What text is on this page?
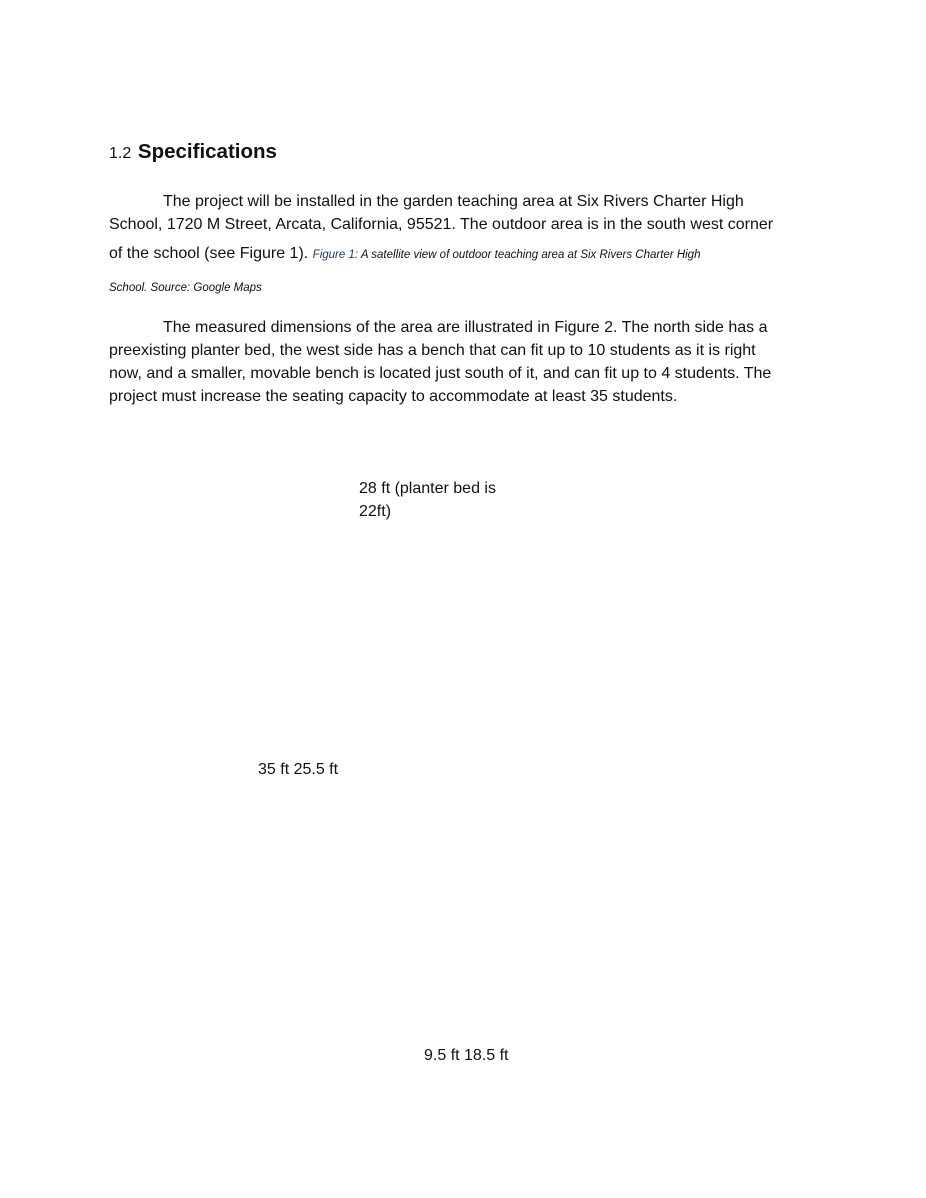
1.2 Specifications
The project will be installed in the garden teaching area at Six Rivers Charter High
School, 1720 M Street, Arcata, California, 95521. The outdoor area is in the south west corner
of the school (see Figure 1). Figure 1: A satellite view of outdoor teaching area at Six Rivers Charter High
School. Source: Google Maps
The measured dimensions of the area are illustrated in Figure 2. The north side has a
preexisting planter bed, the west side has a bench that can fit up to 10 students as it is right
now, and a smaller, movable bench is located just south of it, and can fit up to 4 students. The
project must increase the seating capacity to accommodate at least 35 students.
28 ft (planter bed is
22ft)
35 ft 25.5 ft
9.5 ft 18.5 ft
